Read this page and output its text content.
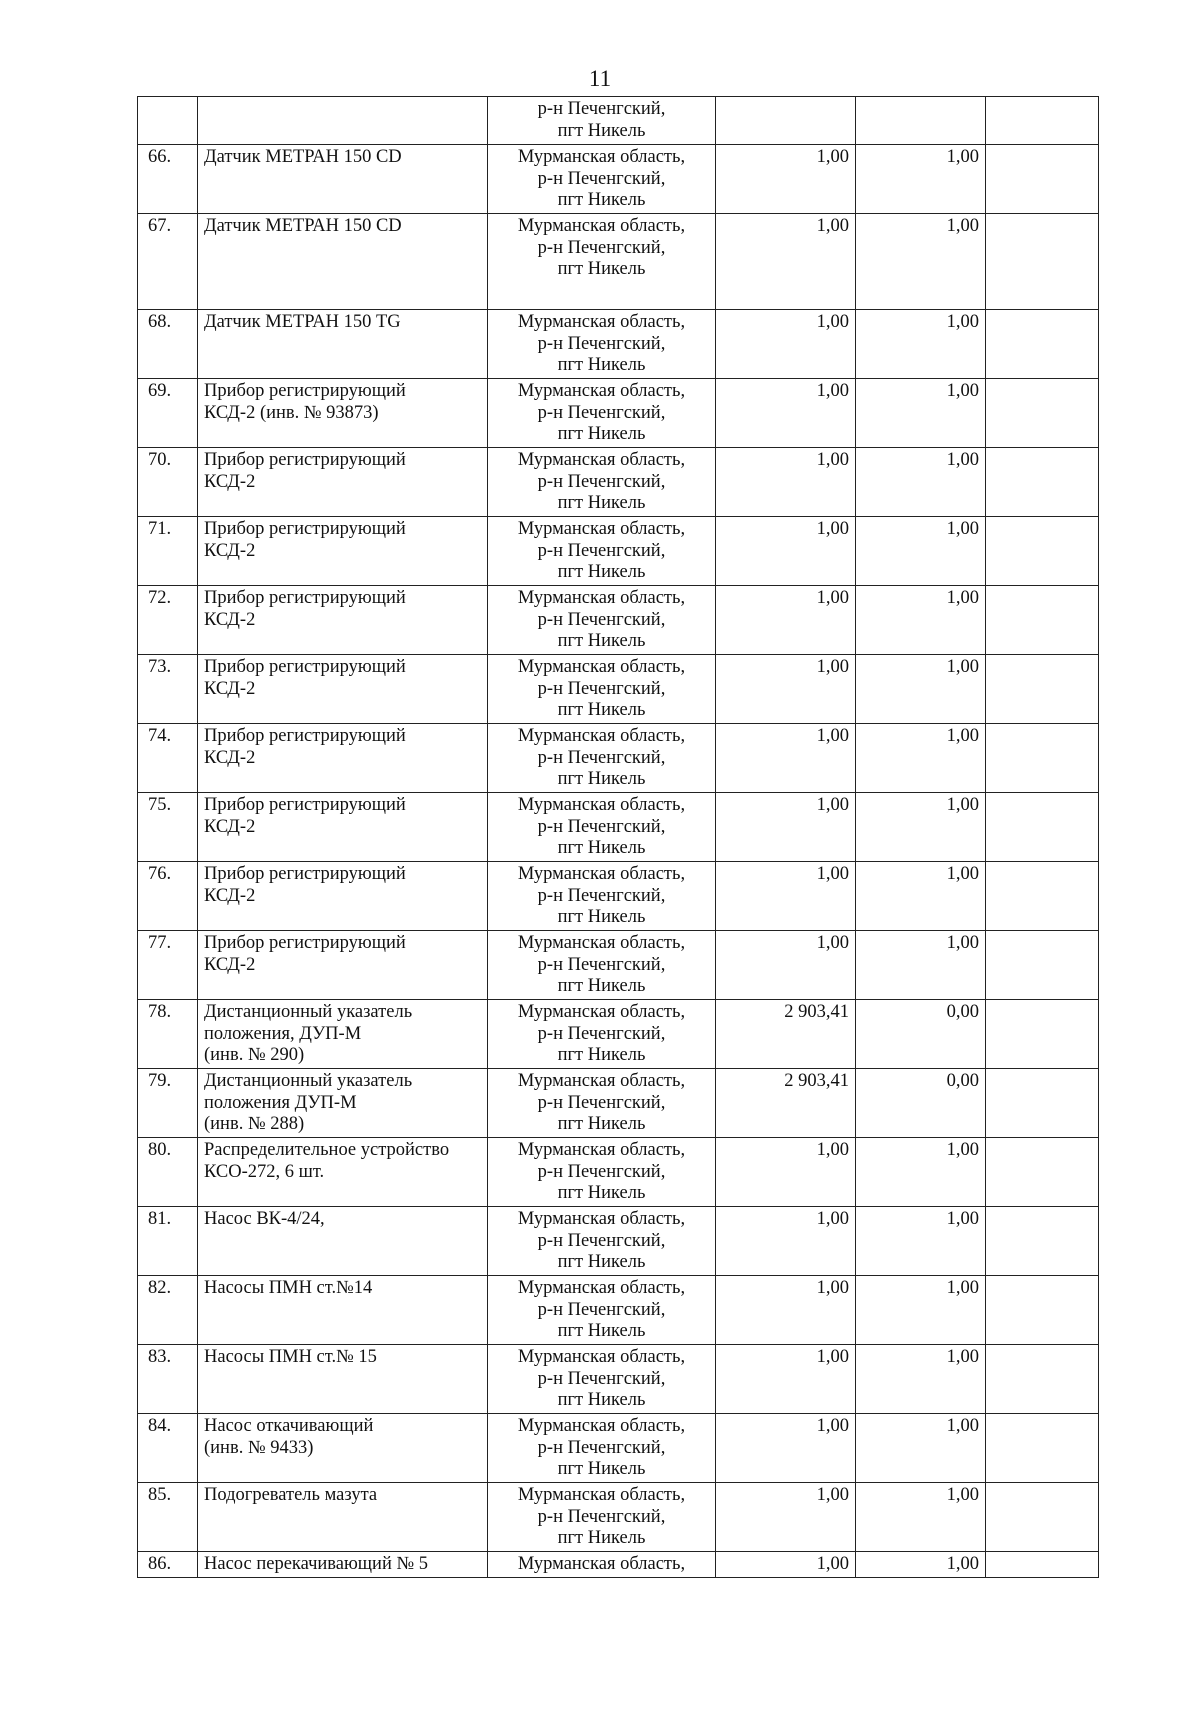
11
		р-н Печенгский,
пгт Никель			
66.	Датчик МЕТРАН 150 CD	Мурманская область,
р-н Печенгский,
пгт Никель	1,00	1,00	
67.	Датчик МЕТРАН 150 CD	Мурманская область,
р-н Печенгский,
пгт Никель	1,00	1,00	
68.	Датчик МЕТРАН 150 TG	Мурманская область,
р-н Печенгский,
пгт Никель	1,00	1,00	
69.	Прибор регистрирующий
КСД-2 (инв. № 93873)	Мурманская область,
р-н Печенгский,
пгт Никель	1,00	1,00	
70.	Прибор регистрирующий
КСД-2	Мурманская область,
р-н Печенгский,
пгт Никель	1,00	1,00	
71.	Прибор регистрирующий
КСД-2	Мурманская область,
р-н Печенгский,
пгт Никель	1,00	1,00	
72.	Прибор регистрирующий
КСД-2	Мурманская область,
р-н Печенгский,
пгт Никель	1,00	1,00	
73.	Прибор регистрирующий
КСД-2	Мурманская область,
р-н Печенгский,
пгт Никель	1,00	1,00	
74.	Прибор регистрирующий
КСД-2	Мурманская область,
р-н Печенгский,
пгт Никель	1,00	1,00	
75.	Прибор регистрирующий
КСД-2	Мурманская область,
р-н Печенгский,
пгт Никель	1,00	1,00	
76.	Прибор регистрирующий
КСД-2	Мурманская область,
р-н Печенгский,
пгт Никель	1,00	1,00	
77.	Прибор регистрирующий
КСД-2	Мурманская область,
р-н Печенгский,
пгт Никель	1,00	1,00	
78.	Дистанционный указатель
положения, ДУП-М
(инв. № 290)	Мурманская область,
р-н Печенгский,
пгт Никель	2 903,41	0,00	
79.	Дистанционный указатель
положения ДУП-М
(инв. № 288)	Мурманская область,
р-н Печенгский,
пгт Никель	2 903,41	0,00	
80.	Распределительное устройство
КСО-272, 6 шт.	Мурманская область,
р-н Печенгский,
пгт Никель	1,00	1,00	
81.	Насос ВК-4/24,	Мурманская область,
р-н Печенгский,
пгт Никель	1,00	1,00	
82.	Насосы ПМН ст.№14	Мурманская область,
р-н Печенгский,
пгт Никель	1,00	1,00	
83.	Насосы ПМН ст.№ 15	Мурманская область,
р-н Печенгский,
пгт Никель	1,00	1,00	
84.	Насос откачивающий
(инв. № 9433)	Мурманская область,
р-н Печенгский,
пгт Никель	1,00	1,00	
85.	Подогреватель мазута	Мурманская область,
р-н Печенгский,
пгт Никель	1,00	1,00	
86.	Насос перекачивающий № 5	Мурманская область,	1,00	1,00	
